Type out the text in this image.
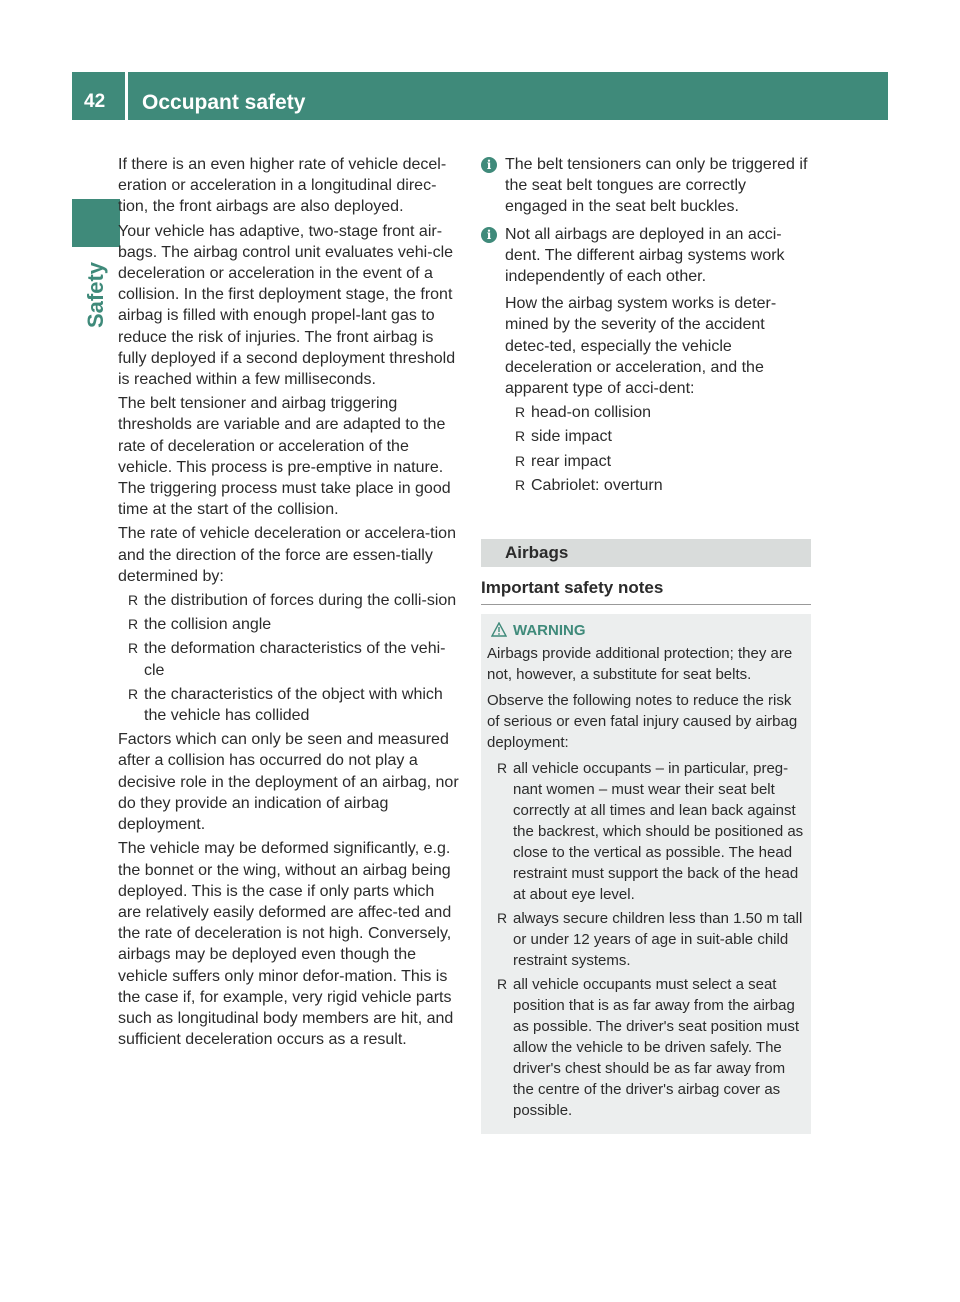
42 Occupant safety
Safety

If there is an even higher rate of vehicle decel-eration or acceleration in a longitudinal direc-tion, the front airbags are also deployed.

Your vehicle has adaptive, two-stage front air-bags. The airbag control unit evaluates vehi-cle deceleration or acceleration in the event of a collision. In the first deployment stage, the front airbag is filled with enough propel-lant gas to reduce the risk of injuries. The front airbag is fully deployed if a second deployment threshold is reached within a few milliseconds.

The belt tensioner and airbag triggering thresholds are variable and are adapted to the rate of deceleration or acceleration of the vehicle. This process is pre-emptive in nature. The triggering process must take place in good time at the start of the collision.

The rate of vehicle deceleration or accelera-tion and the direction of the force are essen-tially determined by:

R the distribution of forces during the colli-sion
R the collision angle
R the deformation characteristics of the vehi-cle
R the characteristics of the object with which the vehicle has collided

Factors which can only be seen and measured after a collision has occurred do not play a decisive role in the deployment of an airbag, nor do they provide an indication of airbag deployment.

The vehicle may be deformed significantly, e.g. the bonnet or the wing, without an airbag being deployed. This is the case if only parts which are relatively easily deformed are affec-ted and the rate of deceleration is not high. Conversely, airbags may be deployed even though the vehicle suffers only minor defor-mation. This is the case if, for example, very rigid vehicle parts such as longitudinal body members are hit, and sufficient deceleration occurs as a result.

i The belt tensioners can only be triggered if the seat belt tongues are correctly engaged in the seat belt buckles.
i Not all airbags are deployed in an acci-dent. The different airbag systems work independently of each other.

How the airbag system works is deter-mined by the severity of the accident detec-ted, especially the vehicle deceleration or acceleration, and the apparent type of acci-dent:

R head-on collision
R side impact
R rear impact
R Cabriolet: overturn
Airbags
Important safety notes
WARNING

Airbags provide additional protection; they are not, however, a substitute for seat belts.

Observe the following notes to reduce the risk of serious or even fatal injury caused by airbag deployment:

R all vehicle occupants – in particular, preg-nant women – must wear their seat belt correctly at all times and lean back against the backrest, which should be positioned as close to the vertical as possible. The head restraint must support the back of the head at about eye level.
R always secure children less than 1.50 m tall or under 12 years of age in suit-able child restraint systems.
R all vehicle occupants must select a seat position that is as far away from the airbag as possible. The driver's seat position must allow the vehicle to be driven safely. The driver's chest should be as far away from the centre of the driver's airbag cover as possible.
